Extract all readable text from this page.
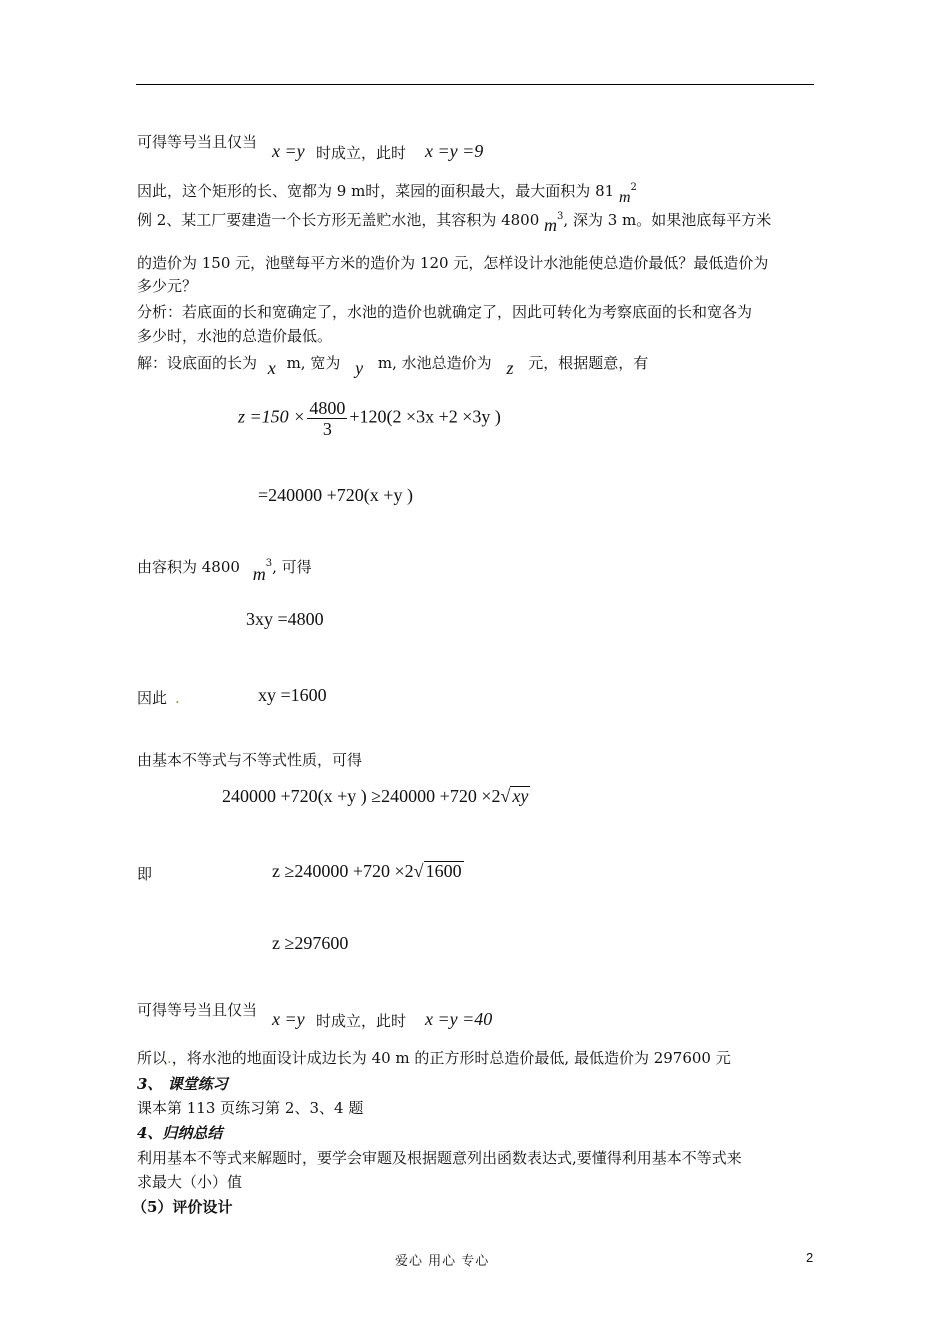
可得等号当且仅当 x =y 时成立，此时 x =y =9
因此，这个矩形的长、宽都为 9 m时，菜园的面积最大，最大面积为 81 $m^2$
例 2、某工厂要建造一个长方形无盖贮水池，其容积为 4800 $m^3$, 深为 3 m。如果池底每平方米
的造价为 150 元，池壁每平方米的造价为 120 元，怎样设计水池能使总造价最低？最低造价为
多少元？
分析：若底面的长和宽确定了，水池的造价也就确定了，因此可转化为考察底面的长和宽各为
多少时，水池的总造价最低。
解：设底面的长为 x m, 宽为 y m, 水池总造价为 z 元，根据题意，有
$z =150 \times \frac{4800}{3} +120(2 \times 3x +2 \times 3y$ )
=240000 +720(x +y )
由容积为 4800 $m^3$, 可得
3xy =4800
因此 .	xy =1600
由基本不等式与不等式性质，可得
240000 +720(x +y ) ≥240000 +720 ×2√ xy
即	z ≥240000 +720 ×2√ 1600
z ≥297600
可得等号当且仅当 x =y 时成立，此时 x =y =40
所以.，将水池的地面设计成边长为 40 m 的正方形时总造价最低, 最低造价为 297600 元
3、 课堂练习
课本第 113 页练习第 2、3、4 题
4、归纳总结
利用基本不等式来解题时，要学会审题及根据题意列出函数表达式,要懂得利用基本不等式来
求最大（小）值
（5）评价设计
爱心 用心 专心	2
